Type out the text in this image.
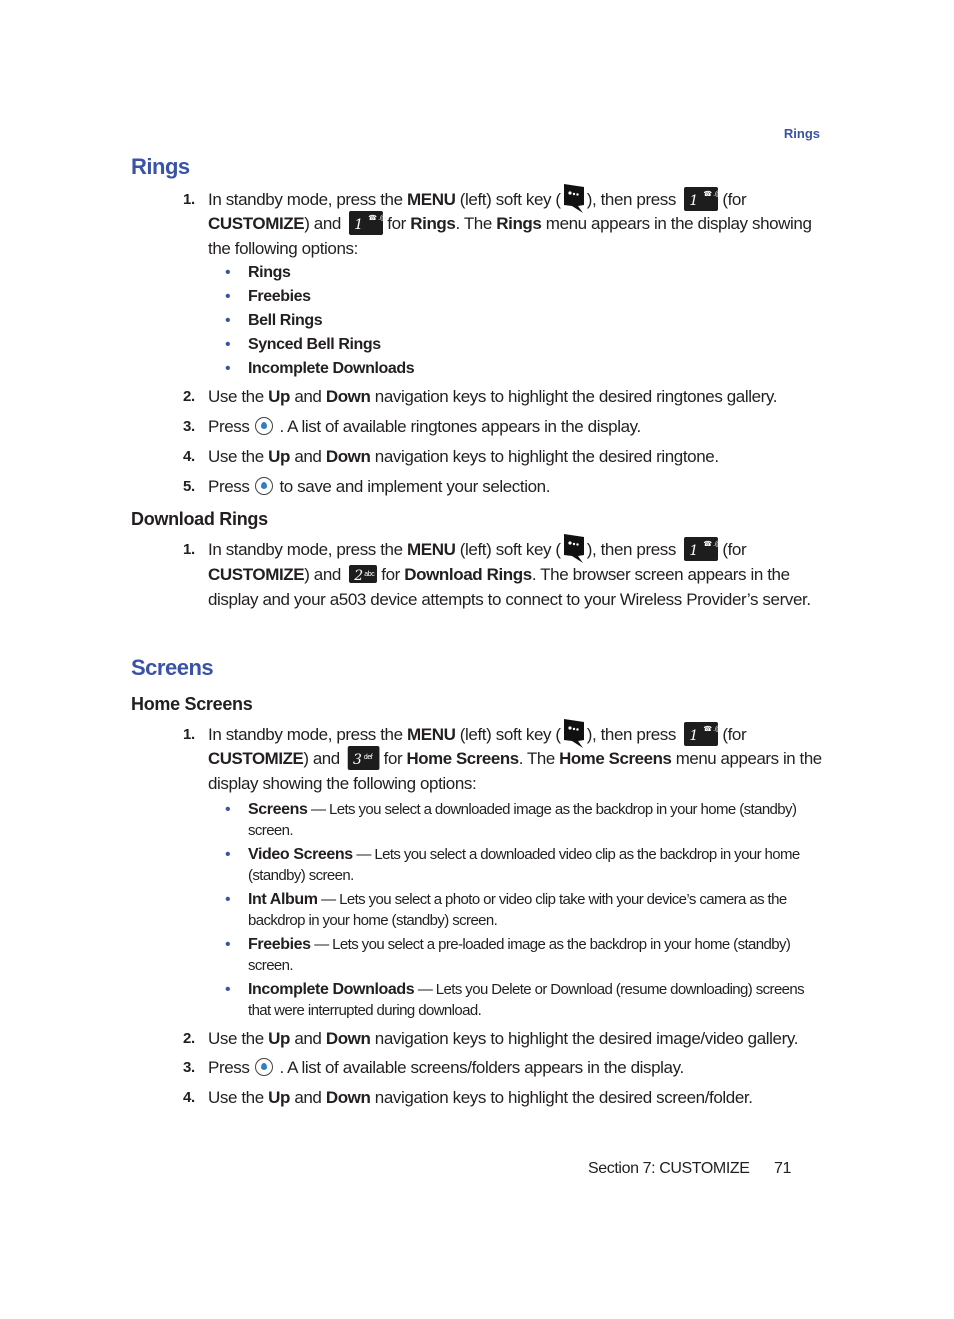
Rings
Rings
1. In standby mode, press the MENU (left) soft key ( ), then press 1 ☎ .@ (for
CUSTOMIZE) and 1 ☎ .@ for Rings. The Rings menu appears in the display showing
the following options:
• Rings
• Freebies
• Bell Rings
• Synced Bell Rings
• Incomplete Downloads
2. Use the Up and Down navigation keys to highlight the desired ringtones gallery.
3. Press . A list of available ringtones appears in the display.
4. Use the Up and Down navigation keys to highlight the desired ringtone.
5. Press to save and implement your selection.
Download Rings
1. In standby mode, press the MENU (left) soft key ( ), then press 1 ☎ .@ (for
CUSTOMIZE) and 2 abc for Download Rings. The browser screen appears in the
display and your a503 device attempts to connect to your Wireless Provider’s server.
Screens
Home Screens
1. In standby mode, press the MENU (left) soft key ( ), then press 1 ☎ .@ (for
CUSTOMIZE) and 3 def for Home Screens. The Home Screens menu appears in the
display showing the following options:
• Screens — Lets you select a downloaded image as the backdrop in your home (standby)
screen.
• Video Screens — Lets you select a downloaded video clip as the backdrop in your home
(standby) screen.
• Int Album — Lets you select a photo or video clip take with your device’s camera as the
backdrop in your home (standby) screen.
• Freebies — Lets you select a pre-loaded image as the backdrop in your home (standby)
screen.
• Incomplete Downloads — Lets you Delete or Download (resume downloading) screens
that were interrupted during download.
2. Use the Up and Down navigation keys to highlight the desired image/video gallery.
3. Press . A list of available screens/folders appears in the display.
4. Use the Up and Down navigation keys to highlight the desired screen/folder.
Section 7: CUSTOMIZE 71
